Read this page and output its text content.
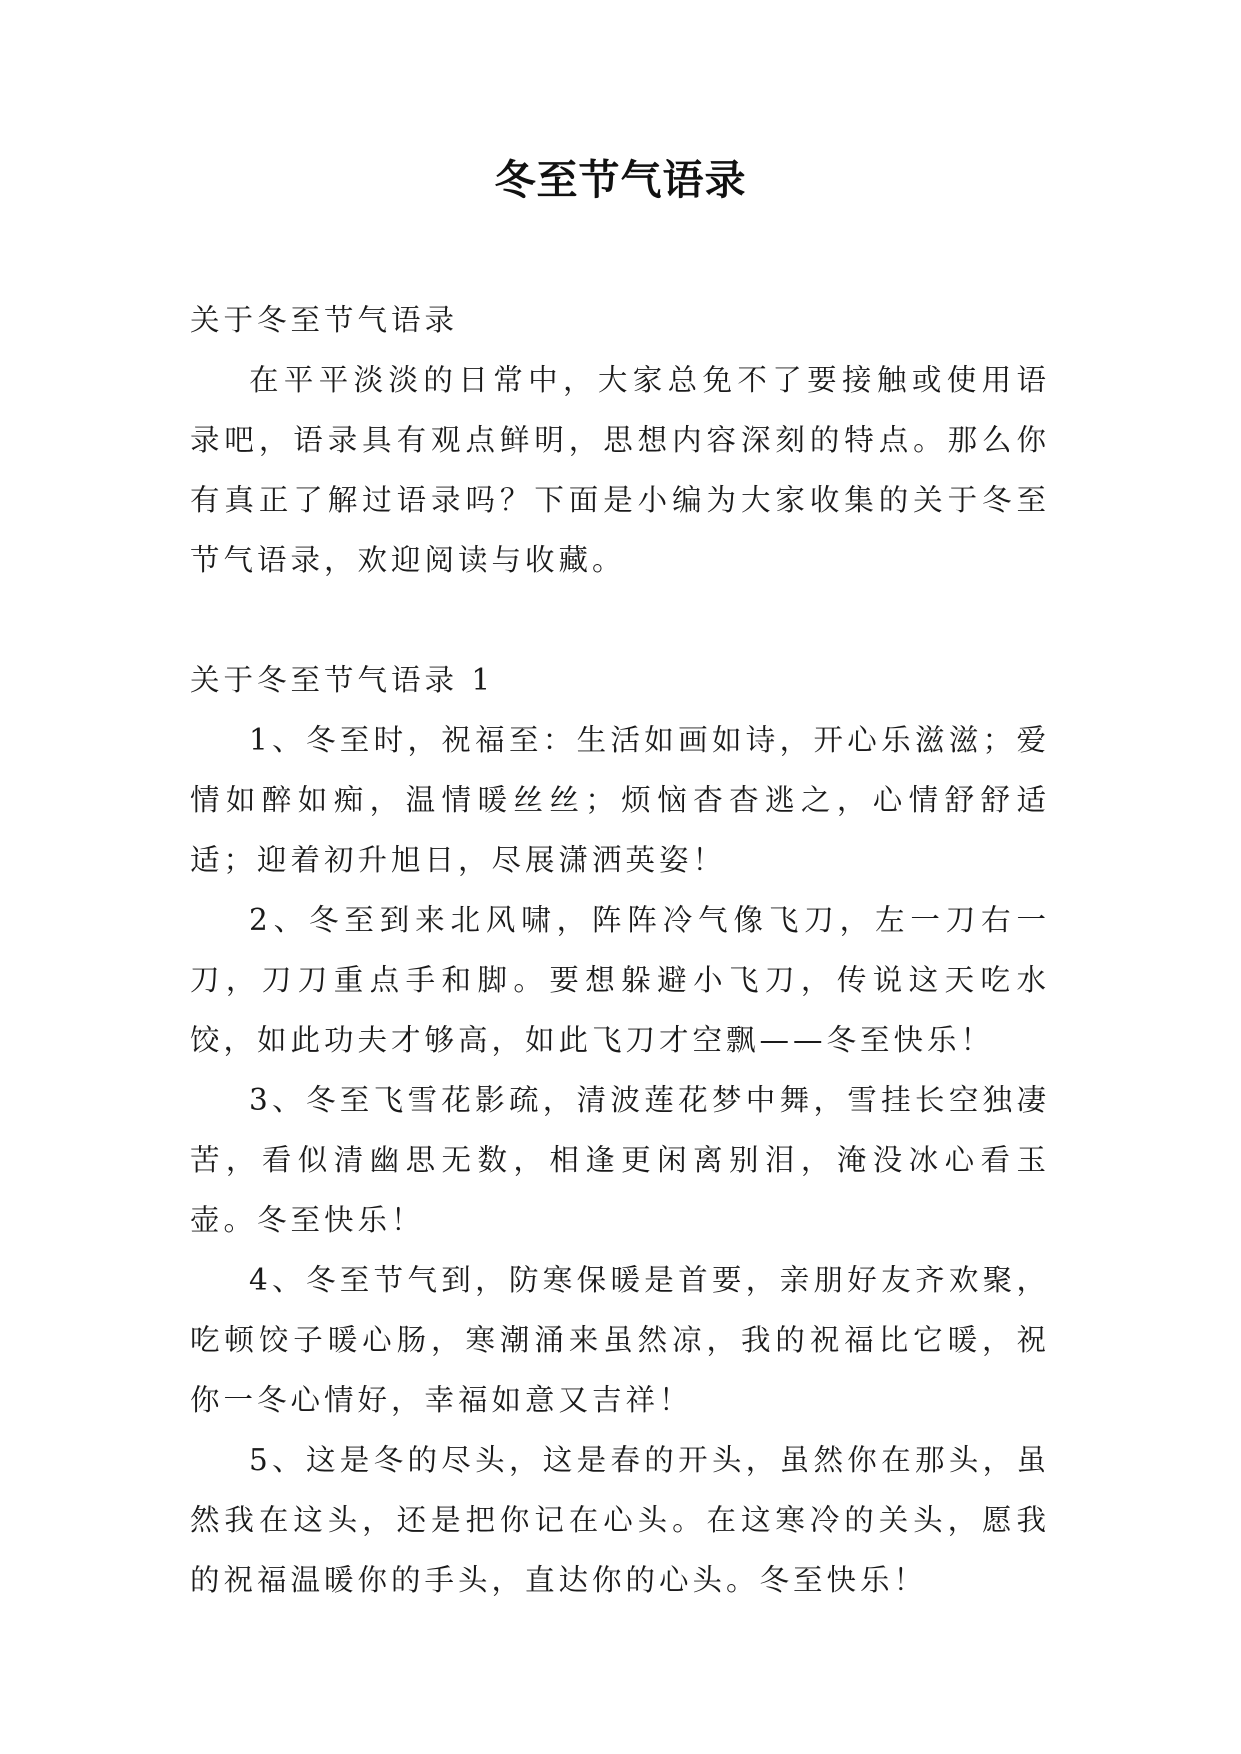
冬至节气语录

关于冬至节气语录

在平平淡淡的日常中，大家总免不了要接触或使用语录吧，语录具有观点鲜明，思想内容深刻的特点。那么你有真正了解过语录吗？下面是小编为大家收集的关于冬至节气语录，欢迎阅读与收藏。

关于冬至节气语录 1

1、冬至时，祝福至：生活如画如诗，开心乐滋滋；爱情如醉如痴，温情暖丝丝；烦恼杳杳逃之，心情舒舒适适；迎着初升旭日，尽展潇洒英姿！

2、冬至到来北风啸，阵阵冷气像飞刀，左一刀右一刀，刀刀重点手和脚。要想躲避小飞刀，传说这天吃水饺，如此功夫才够高，如此飞刀才空飘——冬至快乐！

3、冬至飞雪花影疏，清波莲花梦中舞，雪挂长空独凄苦，看似清幽思无数，相逢更闲离别泪，淹没冰心看玉壶。冬至快乐！

4、冬至节气到，防寒保暖是首要，亲朋好友齐欢聚，吃顿饺子暖心肠，寒潮涌来虽然凉，我的祝福比它暖，祝你一冬心情好，幸福如意又吉祥！

5、这是冬的尽头，这是春的开头，虽然你在那头，虽然我在这头，还是把你记在心头。在这寒冷的关头，愿我的祝福温暖你的手头，直达你的心头。冬至快乐！
